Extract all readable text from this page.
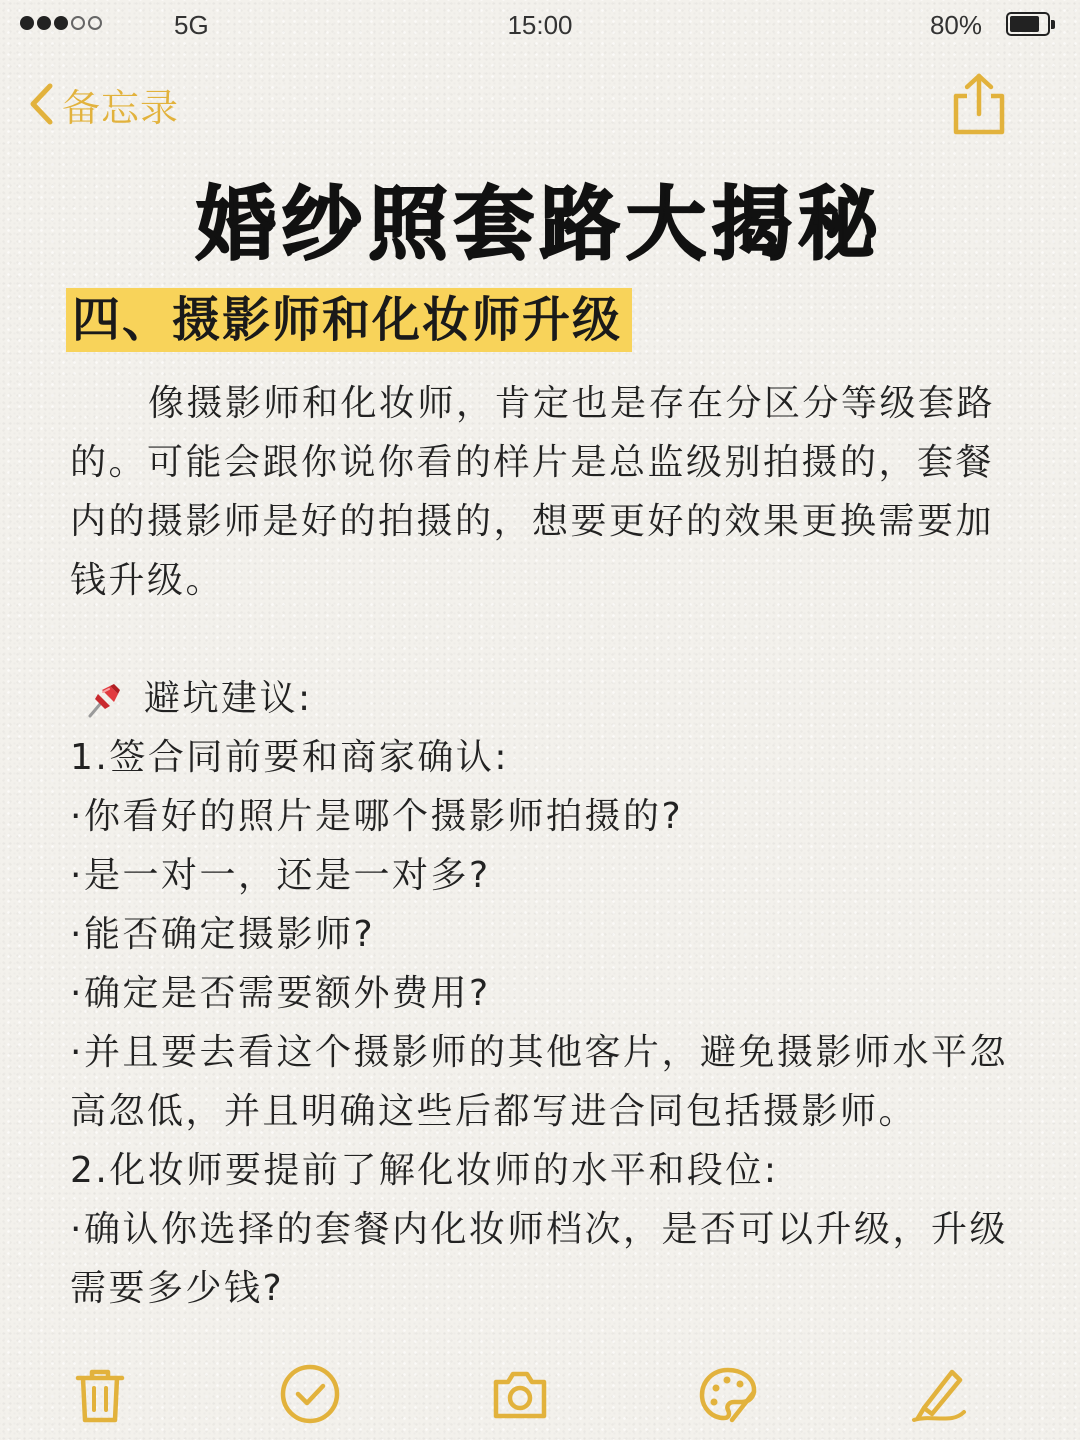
5G	15:00	80%
备忘录
婚纱照套路大揭秘
四、摄影师和化妆师升级

像摄影师和化妆师，肯定也是存在分区分等级套路的。可能会跟你说你看的样片是总监级别拍摄的，套餐内的摄影师是好的拍摄的，想要更好的效果更换需要加钱升级。

避坑建议:

1.签合同前要和商家确认:

·你看好的照片是哪个摄影师拍摄的?

·是一对一，还是一对多?

·能否确定摄影师?

·确定是否需要额外费用?

·并且要去看这个摄影师的其他客片，避免摄影师水平忽高忽低，并且明确这些后都写进合同包括摄影师。

2.化妆师要提前了解化妆师的水平和段位:

·确认你选择的套餐内化妆师档次，是否可以升级，升级需要多少钱?
